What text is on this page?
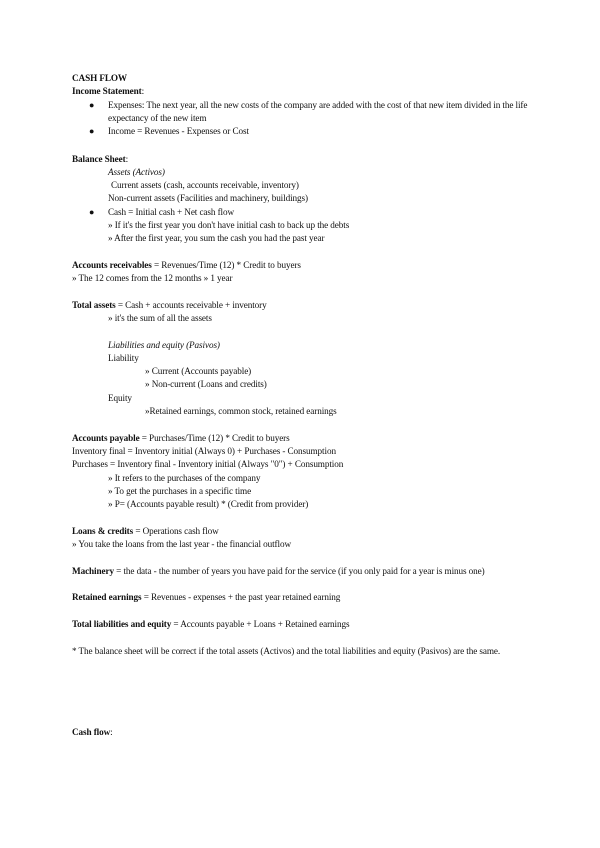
CASH FLOW
Income Statement:
● Expenses: The next year, all the new costs of the company are added with the cost of that new item divided in the life expectancy of the new item
● Income = Revenues - Expenses or Cost
Balance Sheet:
Assets (Activos)
Current assets (cash, accounts receivable, inventory)
Non-current assets (Facilities and machinery, buildings)
● Cash = Initial cash + Net cash flow
» If it's the first year you don't have initial cash to back up the debts
» After the first year, you sum the cash you had the past year
Accounts receivables = Revenues/Time (12) * Credit to buyers
» The 12 comes from the 12 months » 1 year
Total assets = Cash + accounts receivable + inventory
» it's the sum of all the assets
Liabilities and equity (Pasivos)
Liability
» Current (Accounts payable)
» Non-current (Loans and credits)
Equity
»Retained earnings, common stock, retained earnings
Accounts payable = Purchases/Time (12) * Credit to buyers
Inventory final = Inventory initial (Always 0) + Purchases - Consumption
Purchases = Inventory final - Inventory initial (Always "0") + Consumption
» It refers to the purchases of the company
» To get the purchases in a specific time
» P= (Accounts payable result) * (Credit from provider)
Loans & credits = Operations cash flow
» You take the loans from the last year - the financial outflow
Machinery = the data - the number of years you have paid for the service (if you only paid for a year is minus one)
Retained earnings = Revenues - expenses + the past year retained earning
Total liabilities and equity = Accounts payable + Loans + Retained earnings
* The balance sheet will be correct if the total assets (Activos) and the total liabilities and equity (Pasivos) are the same.
Cash flow:
